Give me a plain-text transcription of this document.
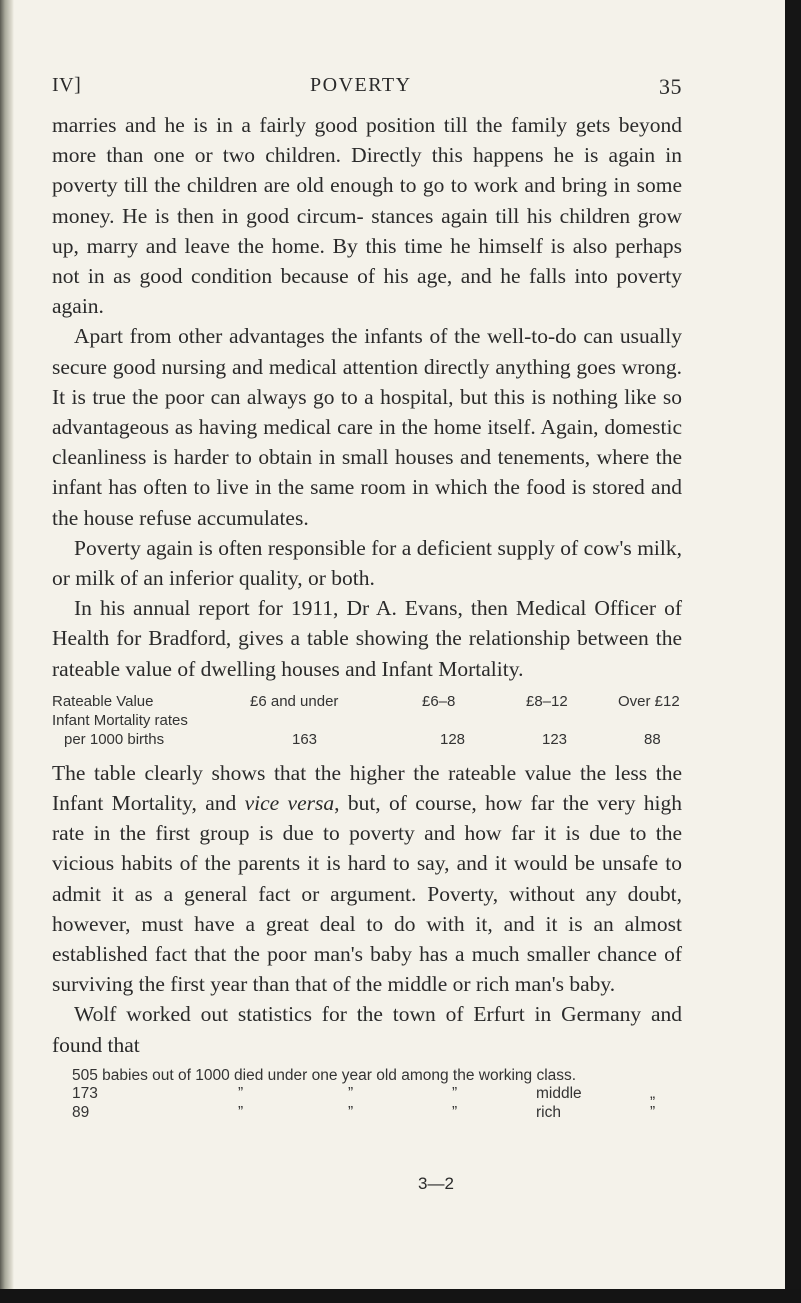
IV]	POVERTY	35

marries and he is in a fairly good position till the family gets beyond more than one or two children. Directly this happens he is again in poverty till the children are old enough to go to work and bring in some money. He is then in good circum- stances again till his children grow up, marry and leave the home. By this time he himself is also perhaps not in as good condition because of his age, and he falls into poverty again.

Apart from other advantages the infants of the well-to-do can usually secure good nursing and medical attention directly anything goes wrong. It is true the poor can always go to a hospital, but this is nothing like so advantageous as having medical care in the home itself. Again, domestic cleanliness is harder to obtain in small houses and tenements, where the infant has often to live in the same room in which the food is stored and the house refuse accumulates.

Poverty again is often responsible for a deficient supply of cow's milk, or milk of an inferior quality, or both.

In his annual report for 1911, Dr A. Evans, then Medical Officer of Health for Bradford, gives a table showing the relationship between the rateable value of dwelling houses and Infant Mortality.

Rateable Value	£6 and under	£6–8	£8–12	Over £12
Infant Mortality rates
per 1000 births	163	128	123	88

The table clearly shows that the higher the rateable value the less the Infant Mortality, and vice versa, but, of course, how far the very high rate in the first group is due to poverty and how far it is due to the vicious habits of the parents it is hard to say, and it would be unsafe to admit it as a general fact or argument. Poverty, without any doubt, however, must have a great deal to do with it, and it is an almost established fact that the poor man's baby has a much smaller chance of surviving the first year than that of the middle or rich man's baby.

Wolf worked out statistics for the town of Erfurt in Germany and found that

505 babies out of 1000 died under one year old among the working class.
173	”	”	”	middle	„
89	”	”	”	rich	”
3—2
